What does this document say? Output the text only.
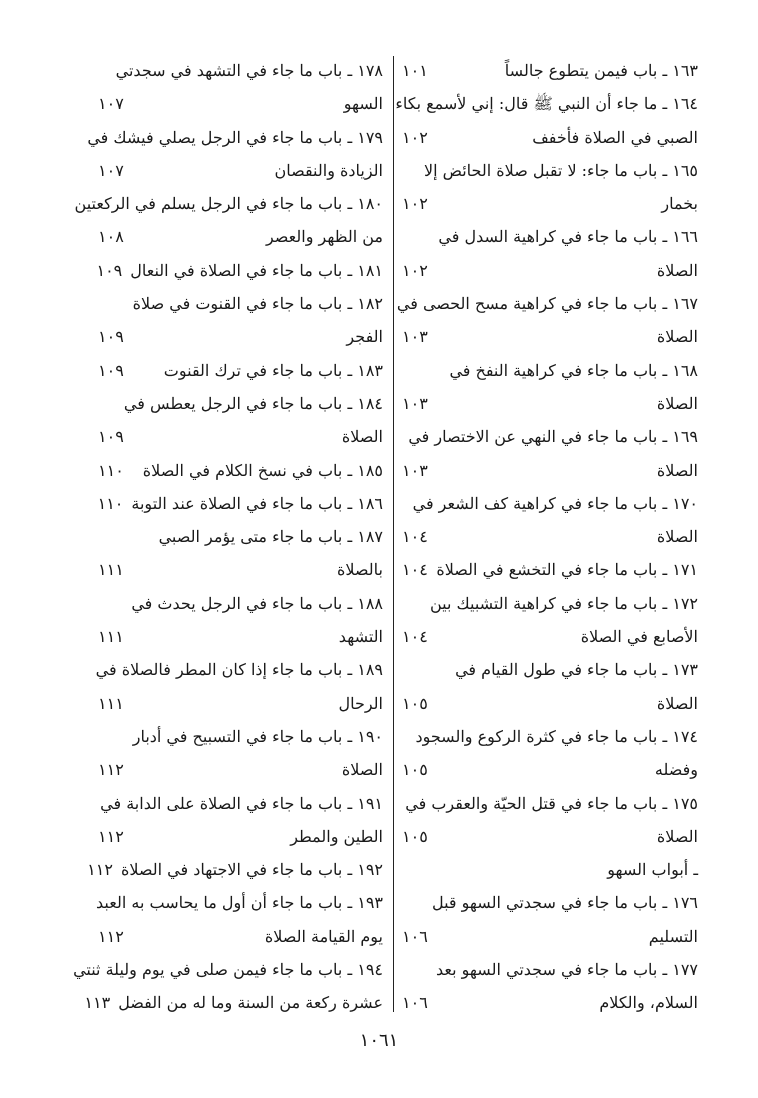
١٦٣ ـ باب فيمن يتطوع جالساً
١٠١
١٦٤ ـ ما جاء أن النبي ﷺ قال: إني لأسمع بكاء
الصبي في الصلاة فأخفف
١٠٢
١٦٥ ـ باب ما جاء: لا تقبل صلاة الحائض إلا
بخمار
١٠٢
١٦٦ ـ باب ما جاء في كراهية السدل في
الصلاة
١٠٢
١٦٧ ـ باب ما جاء في كراهية مسح الحصى في
الصلاة
١٠٣
١٦٨ ـ باب ما جاء في كراهية النفخ في
الصلاة
١٠٣
١٦٩ ـ باب ما جاء في النهي عن الاختصار في
الصلاة
١٠٣
١٧٠ ـ باب ما جاء في كراهية كف الشعر في
الصلاة
١٠٤
١٧١ ـ باب ما جاء في التخشع في الصلاة
١٠٤
١٧٢ ـ باب ما جاء في كراهية التشبيك بين
الأصابع في الصلاة
١٠٤
١٧٣ ـ باب ما جاء في طول القيام في
الصلاة
١٠٥
١٧٤ ـ باب ما جاء في كثرة الركوع والسجود
وفضله
١٠٥
١٧٥ ـ باب ما جاء في قتل الحيّة والعقرب في
الصلاة
١٠٥
ـ أبواب السهو
١٧٦ ـ باب ما جاء في سجدتي السهو قبل
التسليم
١٠٦
١٧٧ ـ باب ما جاء في سجدتي السهو بعد
السلام، والكلام
١٠٦
١٧٨ ـ باب ما جاء في التشهد في سجدتي
السهو
١٠٧
١٧٩ ـ باب ما جاء في الرجل يصلي فيشك في
الزيادة والنقصان
١٠٧
١٨٠ ـ باب ما جاء في الرجل يسلم في الركعتين
من الظهر والعصر
١٠٨
١٨١ ـ باب ما جاء في الصلاة في النعال
١٠٩
١٨٢ ـ باب ما جاء في القنوت في صلاة
الفجر
١٠٩
١٨٣ ـ باب ما جاء في ترك القنوت
١٠٩
١٨٤ ـ باب ما جاء في الرجل يعطس في
الصلاة
١٠٩
١٨٥ ـ باب في نسخ الكلام في الصلاة
١١٠
١٨٦ ـ باب ما جاء في الصلاة عند التوبة
١١٠
١٨٧ ـ باب ما جاء متى يؤمر الصبي
بالصلاة
١١١
١٨٨ ـ باب ما جاء في الرجل يحدث في
التشهد
١١١
١٨٩ ـ باب ما جاء إذا كان المطر فالصلاة في
الرحال
١١١
١٩٠ ـ باب ما جاء في التسبيح في أدبار
الصلاة
١١٢
١٩١ ـ باب ما جاء في الصلاة على الدابة في
الطين والمطر
١١٢
١٩٢ ـ باب ما جاء في الاجتهاد في الصلاة
١١٢
١٩٣ ـ باب ما جاء أن أول ما يحاسب به العبد
يوم القيامة الصلاة
١١٢
١٩٤ ـ باب ما جاء فيمن صلى في يوم وليلة ثنتي
عشرة ركعة من السنة وما له من الفضل
١١٣
١٠٦١
